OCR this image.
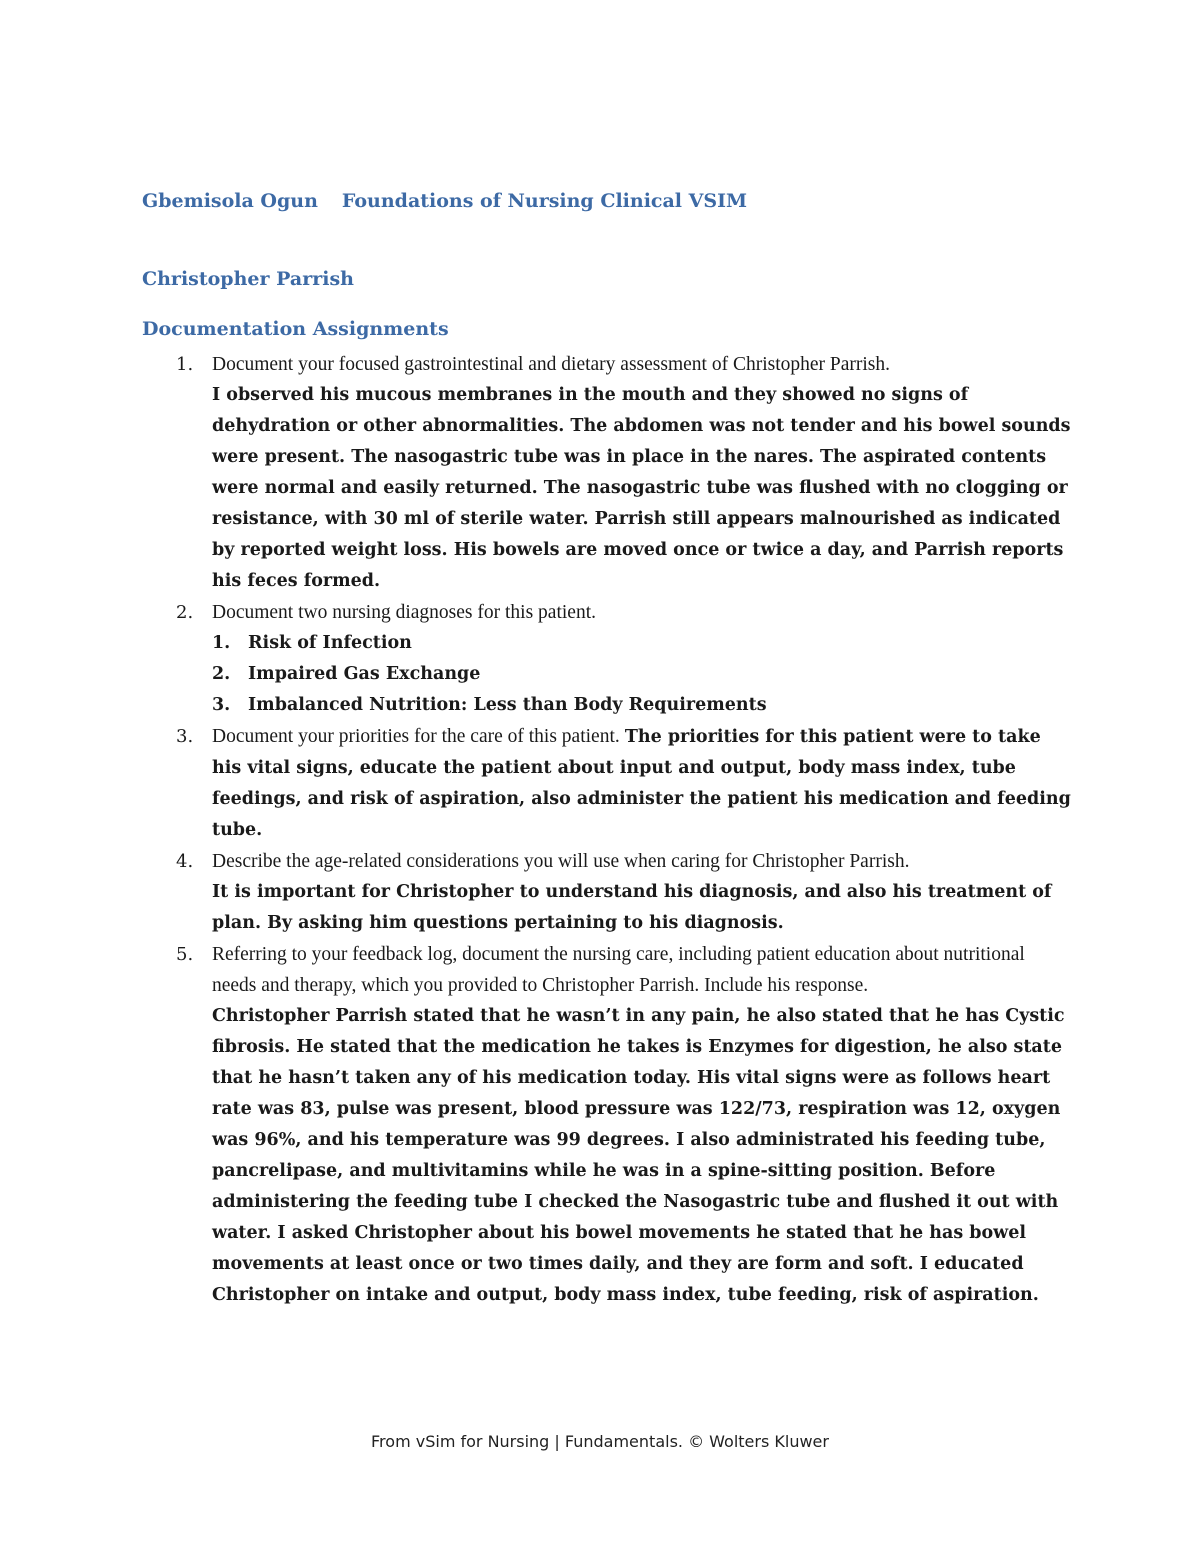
Gbemisola Ogun Foundations of Nursing Clinical VSIM
Christopher Parrish
Documentation Assignments
1. Document your focused gastrointestinal and dietary assessment of Christopher Parrish.
I observed his mucous membranes in the mouth and they showed no signs of dehydration or other abnormalities. The abdomen was not tender and his bowel sounds were present. The nasogastric tube was in place in the nares. The aspirated contents were normal and easily returned. The nasogastric tube was flushed with no clogging or resistance, with 30 ml of sterile water. Parrish still appears malnourished as indicated by reported weight loss. His bowels are moved once or twice a day, and Parrish reports his feces formed.
2. Document two nursing diagnoses for this patient.
1. Risk of Infection
2. Impaired Gas Exchange
3. Imbalanced Nutrition: Less than Body Requirements
3. Document your priorities for the care of this patient. The priorities for this patient were to take his vital signs, educate the patient about input and output, body mass index, tube feedings, and risk of aspiration, also administer the patient his medication and feeding tube.
4. Describe the age-related considerations you will use when caring for Christopher Parrish.
It is important for Christopher to understand his diagnosis, and also his treatment of plan. By asking him questions pertaining to his diagnosis.
5. Referring to your feedback log, document the nursing care, including patient education about nutritional needs and therapy, which you provided to Christopher Parrish. Include his response.
Christopher Parrish stated that he wasn’t in any pain, he also stated that he has Cystic fibrosis. He stated that the medication he takes is Enzymes for digestion, he also state that he hasn’t taken any of his medication today. His vital signs were as follows heart rate was 83, pulse was present, blood pressure was 122/73, respiration was 12, oxygen was 96%, and his temperature was 99 degrees. I also administrated his feeding tube, pancrelipase, and multivitamins while he was in a spine-sitting position. Before administering the feeding tube I checked the Nasogastric tube and flushed it out with water. I asked Christopher about his bowel movements he stated that he has bowel movements at least once or two times daily, and they are form and soft. I educated Christopher on intake and output, body mass index, tube feeding, risk of aspiration.
From vSim for Nursing | Fundamentals. © Wolters Kluwer
